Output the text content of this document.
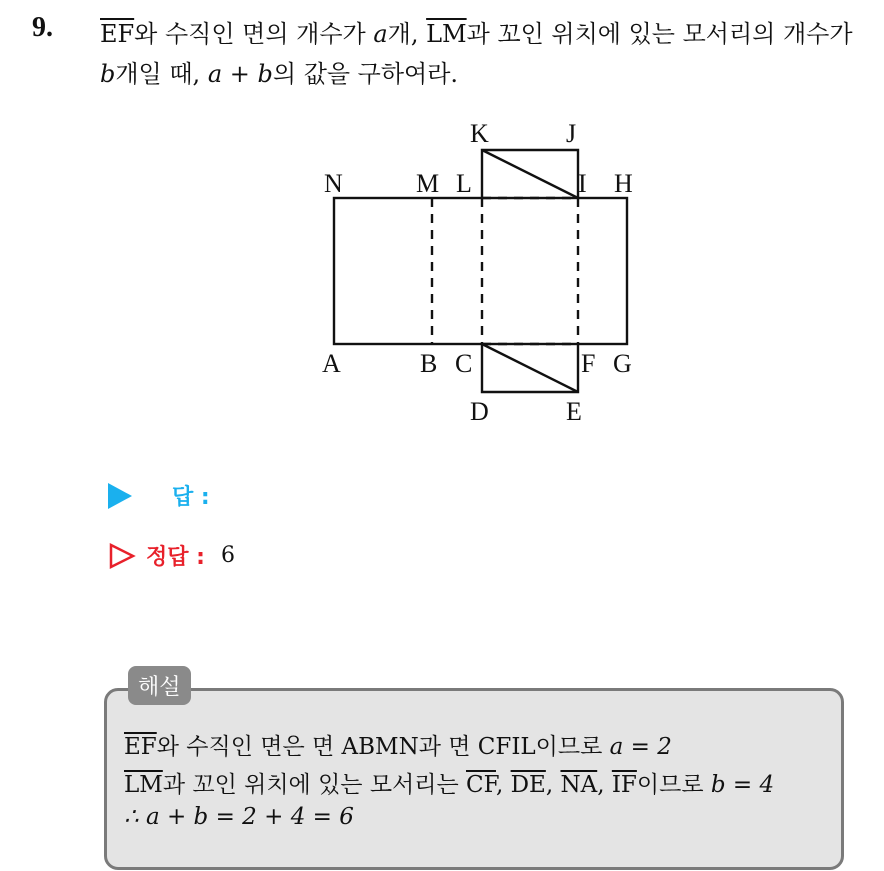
9. $\overline{EF}$와 수직인 면의 개수가 a개, $\overline{LM}$과 꼬인 위치에 있는 모서리의 개수가 b개일 때, a + b의 값을 구하여라.
K	J
N	M L	I H
A	B C	F G
D	E
답 :
정답 : 6
해설
$\overline{EF}$와 수직인 면은 면 ABMN과 면 CFIL이므로 a = 2
$\overline{LM}$과 꼬인 위치에 있는 모서리는 $\overline{CF}$, $\overline{DE}$, $\overline{NA}$, $\overline{IF}$이므로 b = 4
∴ a + b = 2 + 4 = 6
